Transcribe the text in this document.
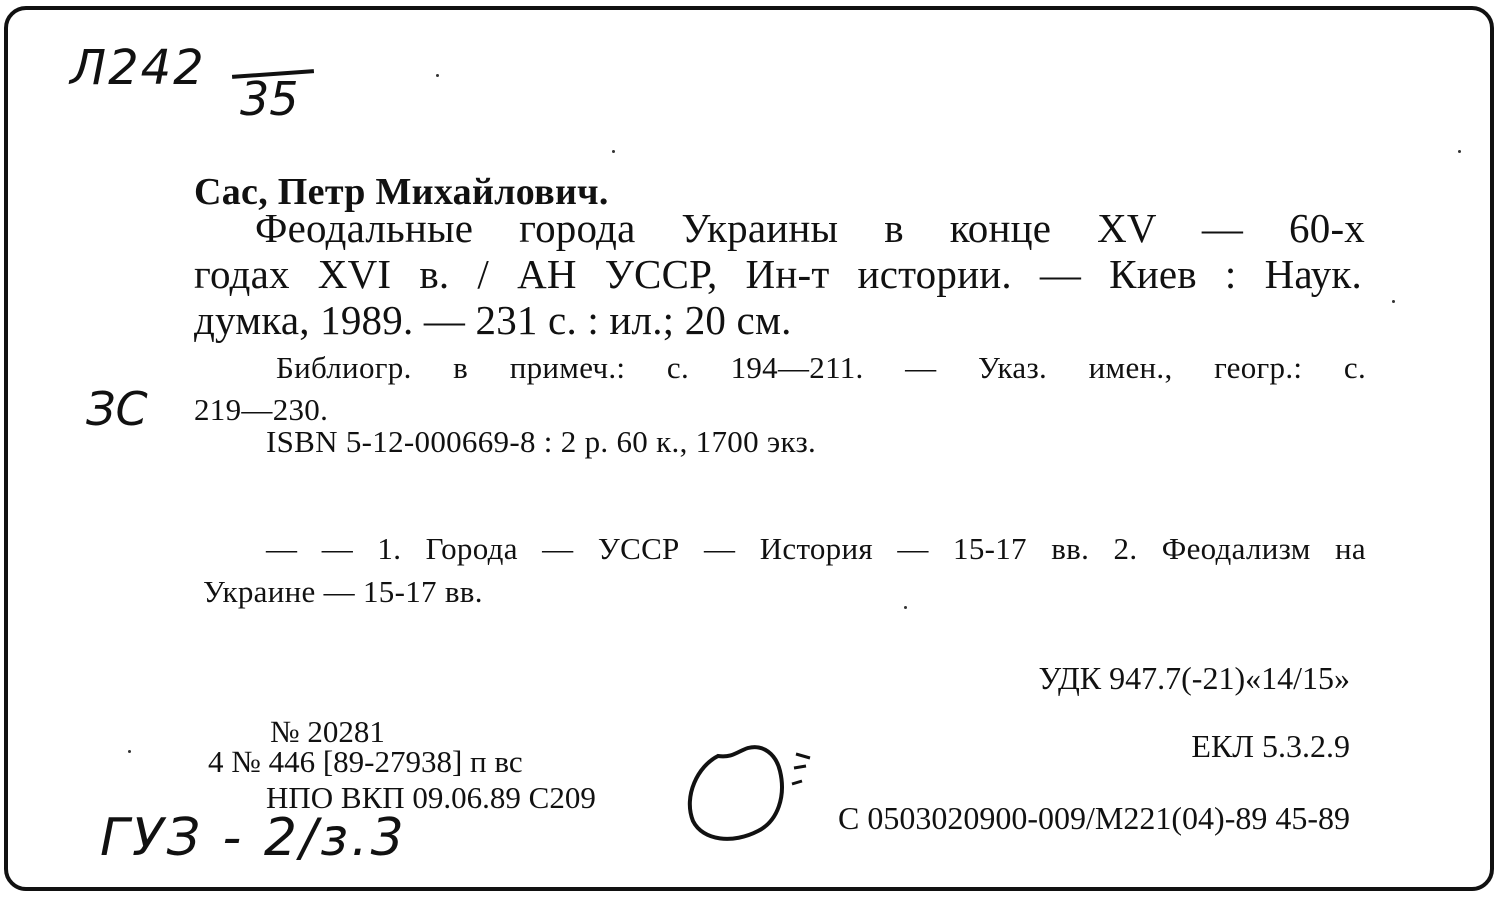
Л242
35
ЗС
ГУЗ - 2/з.3

Сас, Петр Михайлович.

Феодальные города Украины в конце XV — 60-х

годах XVI в. / АН УССР, Ин-т истории. — Киев : Наук.

думка, 1989. — 231 с. : ил.; 20 см.

Библиогр. в примеч.: с. 194—211. — Указ. имен., геогр.: с.

219—230.

ISBN 5-12-000669-8 : 2 р. 60 к., 1700 экз.

— — 1. Города — УССР — История — 15-17 вв. 2. Феодализм на

Украине — 15-17 вв.

УДК 947.7(-21)«14/15»

ЕКЛ 5.3.2.9

№ 20281

4 № 446 [89-27938] п вс

НПО ВКП 09.06.89 С209

С 0503020900-009/М221(04)-89 45-89
